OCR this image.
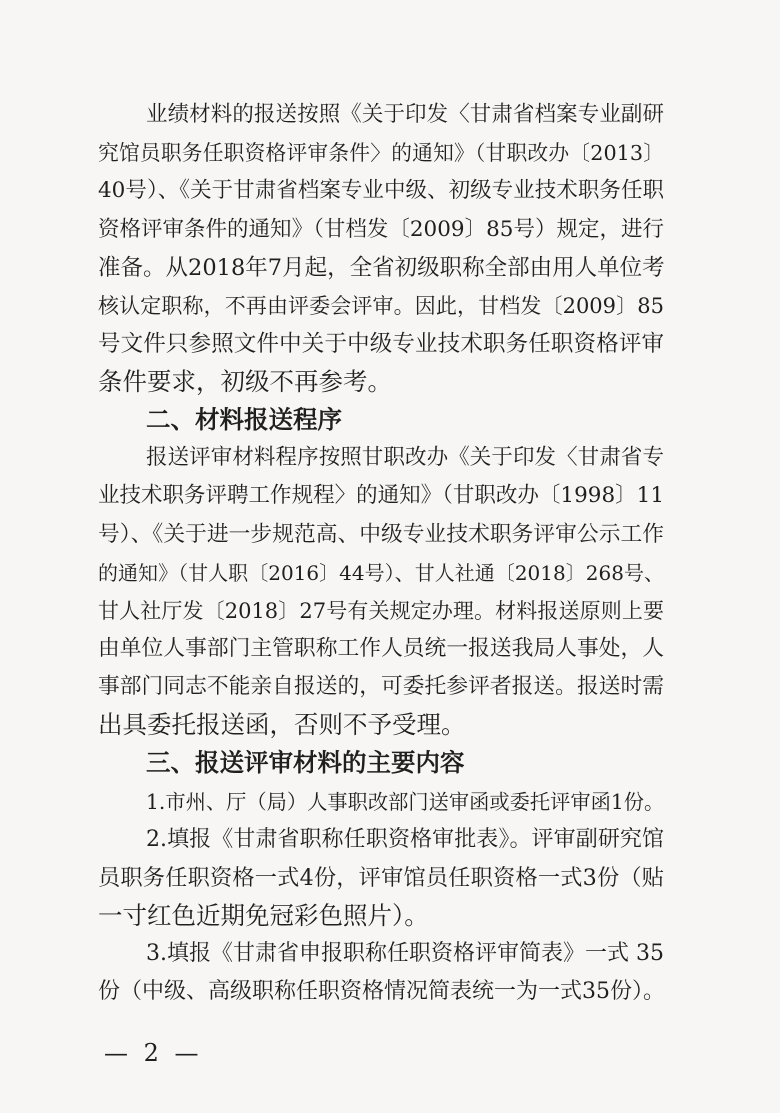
业绩材料的报送按照《关于印发〈甘肃省档案专业副研
究馆员职务任职资格评审条件〉的通知》（甘职改办〔2013〕
40号）、《关于甘肃省档案专业中级、初级专业技术职务任职
资格评审条件的通知》（甘档发〔2009〕85号）规定，进行
准备。从2018年7月起，全省初级职称全部由用人单位考
核认定职称，不再由评委会评审。因此，甘档发〔2009〕85
号文件只参照文件中关于中级专业技术职务任职资格评审
条件要求，初级不再参考。
二、材料报送程序
报送评审材料程序按照甘职改办《关于印发〈甘肃省专
业技术职务评聘工作规程〉的通知》（甘职改办〔1998〕11
号）、《关于进一步规范高、中级专业技术职务评审公示工作
的通知》（甘人职〔2016〕44号）、甘人社通〔2018〕268号、
甘人社厅发〔2018〕27号有关规定办理。材料报送原则上要
由单位人事部门主管职称工作人员统一报送我局人事处，人
事部门同志不能亲自报送的，可委托参评者报送。报送时需
出具委托报送函，否则不予受理。
三、报送评审材料的主要内容
1.市州、厅（局）人事职改部门送审函或委托评审函1份。
2.填报《甘肃省职称任职资格审批表》。评审副研究馆
员职务任职资格一式4份，评审馆员任职资格一式3份（贴
一寸红色近期免冠彩色照片）。
3.填报《甘肃省申报职称任职资格评审简表》一式 35
份（中级、高级职称任职资格情况简表统一为一式35份）。
— 2 —
